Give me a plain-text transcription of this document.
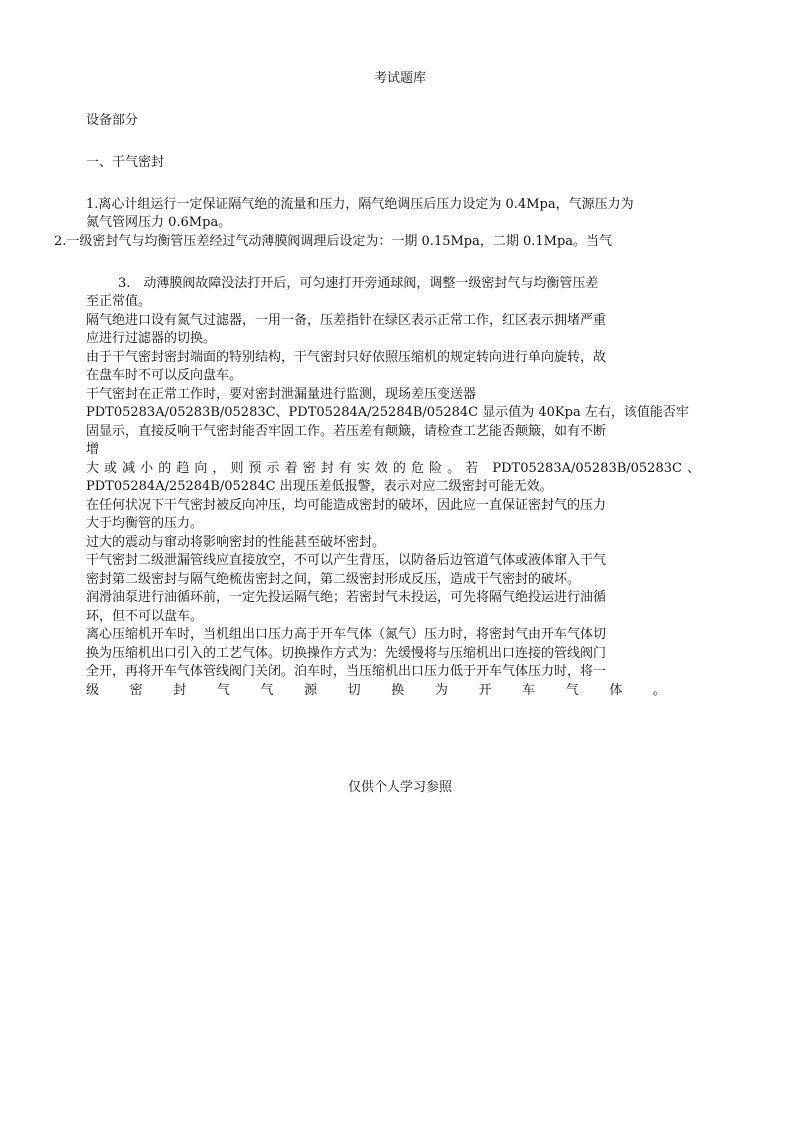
考试题库
设备部分
一、干气密封
1.离心计组运行一定保证隔气绝的流量和压力，隔气绝调压后压力设定为 0.4Mpa，气源压力为
氮气管网压力 0.6Mpa。
2.一级密封气与均衡管压差经过气动薄膜阀调理后设定为：一期 0.15Mpa，二期 0.1Mpa。当气
3.　动薄膜阀故障没法打开后，可匀速打开旁通球阀，调整一级密封气与均衡管压差
至正常值。
隔气绝进口设有氮气过滤器，一用一备，压差指针在绿区表示正常工作，红区表示拥堵严重
应进行过滤器的切换。
由于干气密封密封端面的特别结构，干气密封只好依照压缩机的规定转向进行单向旋转，故
在盘车时不可以反向盘车。
干气密封在正常工作时，要对密封泄漏量进行监测，现场差压变送器
PDT05283A/05283B/05283C、PDT05284A/25284B/05284C 显示值为 40Kpa 左右，该值能否牢
固显示，直接反响干气密封能否牢固工作。若压差有颠簸，请检查工艺能否颠簸，如有不断
增
大或减小的趋向，则预示着密封有实效的危险。若 PDT05283A/05283B/05283C、
PDT05284A/25284B/05284C 出现压差低报警，表示对应二级密封可能无效。
在任何状况下干气密封被反向冲压，均可能造成密封的破坏，因此应一直保证密封气的压力
大于均衡管的压力。
过大的震动与窜动将影响密封的性能甚至破坏密封。
干气密封二级泄漏管线应直接放空，不可以产生背压，以防备后边管道气体或液体窜入干气
密封第二级密封与隔气绝梳齿密封之间，第二级密封形成反压，造成干气密封的破坏。
润滑油泵进行油循环前，一定先投运隔气绝；若密封气未投运，可先将隔气绝投运进行油循
环，但不可以盘车。
离心压缩机开车时，当机组出口压力高于开车气体（氮气）压力时，将密封气由开车气体切
换为压缩机出口引入的工艺气体。切换操作方式为：先缓慢将与压缩机出口连接的管线阀门
全开，再将开车气体管线阀门关闭。泊车时，当压缩机出口压力低于开车气体压力时，将一
级密封气气源切换为开车气体。
仅供个人学习参照
